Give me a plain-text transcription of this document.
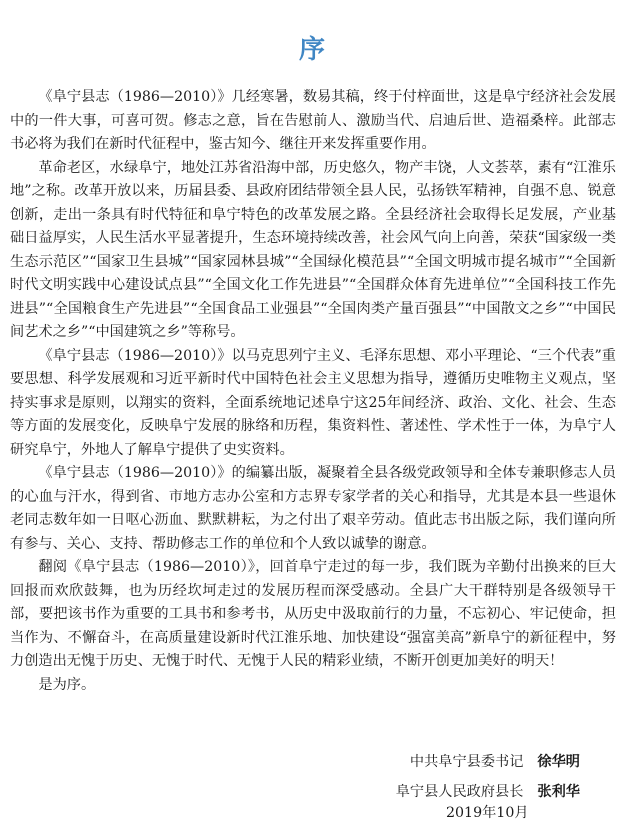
序

《阜宁县志（1986—2010）》几经寒暑，数易其稿，终于付梓面世，这是阜宁经济社会发展中的一件大事，可喜可贺。修志之意，旨在告慰前人、激励当代、启迪后世、造福桑梓。此部志书必将为我们在新时代征程中，鉴古知今、继往开来发挥重要作用。

革命老区，水绿阜宁，地处江苏省沿海中部，历史悠久，物产丰饶，人文荟萃，素有“江淮乐地”之称。改革开放以来，历届县委、县政府团结带领全县人民，弘扬铁军精神，自强不息、锐意创新，走出一条具有时代特征和阜宁特色的改革发展之路。全县经济社会取得长足发展，产业基础日益厚实，人民生活水平显著提升，生态环境持续改善，社会风气向上向善，荣获“国家级一类生态示范区”“国家卫生县城”“国家园林县城”“全国绿化模范县”“全国文明城市提名城市”“全国新时代文明实践中心建设试点县”“全国文化工作先进县”“全国群众体育先进单位”“全国科技工作先进县”“全国粮食生产先进县”“全国食品工业强县”“全国肉类产量百强县”“中国散文之乡”“中国民间艺术之乡”“中国建筑之乡”等称号。

《阜宁县志（1986—2010）》以马克思列宁主义、毛泽东思想、邓小平理论、“三个代表”重要思想、科学发展观和习近平新时代中国特色社会主义思想为指导，遵循历史唯物主义观点，坚持实事求是原则，以翔实的资料，全面系统地记述阜宁这25年间经济、政治、文化、社会、生态等方面的发展变化，反映阜宁发展的脉络和历程，集资料性、著述性、学术性于一体，为阜宁人研究阜宁，外地人了解阜宁提供了史实资料。

《阜宁县志（1986—2010）》的编纂出版，凝聚着全县各级党政领导和全体专兼职修志人员的心血与汗水，得到省、市地方志办公室和方志界专家学者的关心和指导，尤其是本县一些退休老同志数年如一日呕心沥血、默默耕耘，为之付出了艰辛劳动。值此志书出版之际，我们谨向所有参与、关心、支持、帮助修志工作的单位和个人致以诚挚的谢意。

翻阅《阜宁县志（1986—2010）》，回首阜宁走过的每一步，我们既为辛勤付出换来的巨大回报而欢欣鼓舞，也为历经坎坷走过的发展历程而深受感动。全县广大干群特别是各级领导干部，要把该书作为重要的工具书和参考书，从历史中汲取前行的力量，不忘初心、牢记使命，担当作为、不懈奋斗，在高质量建设新时代江淮乐地、加快建设“强富美高”新阜宁的新征程中，努力创造出无愧于历史、无愧于时代、无愧于人民的精彩业绩，不断开创更加美好的明天！

是为序。

中共阜宁县委书记 徐华明
阜宁县人民政府县长 张利华
2019年10月
